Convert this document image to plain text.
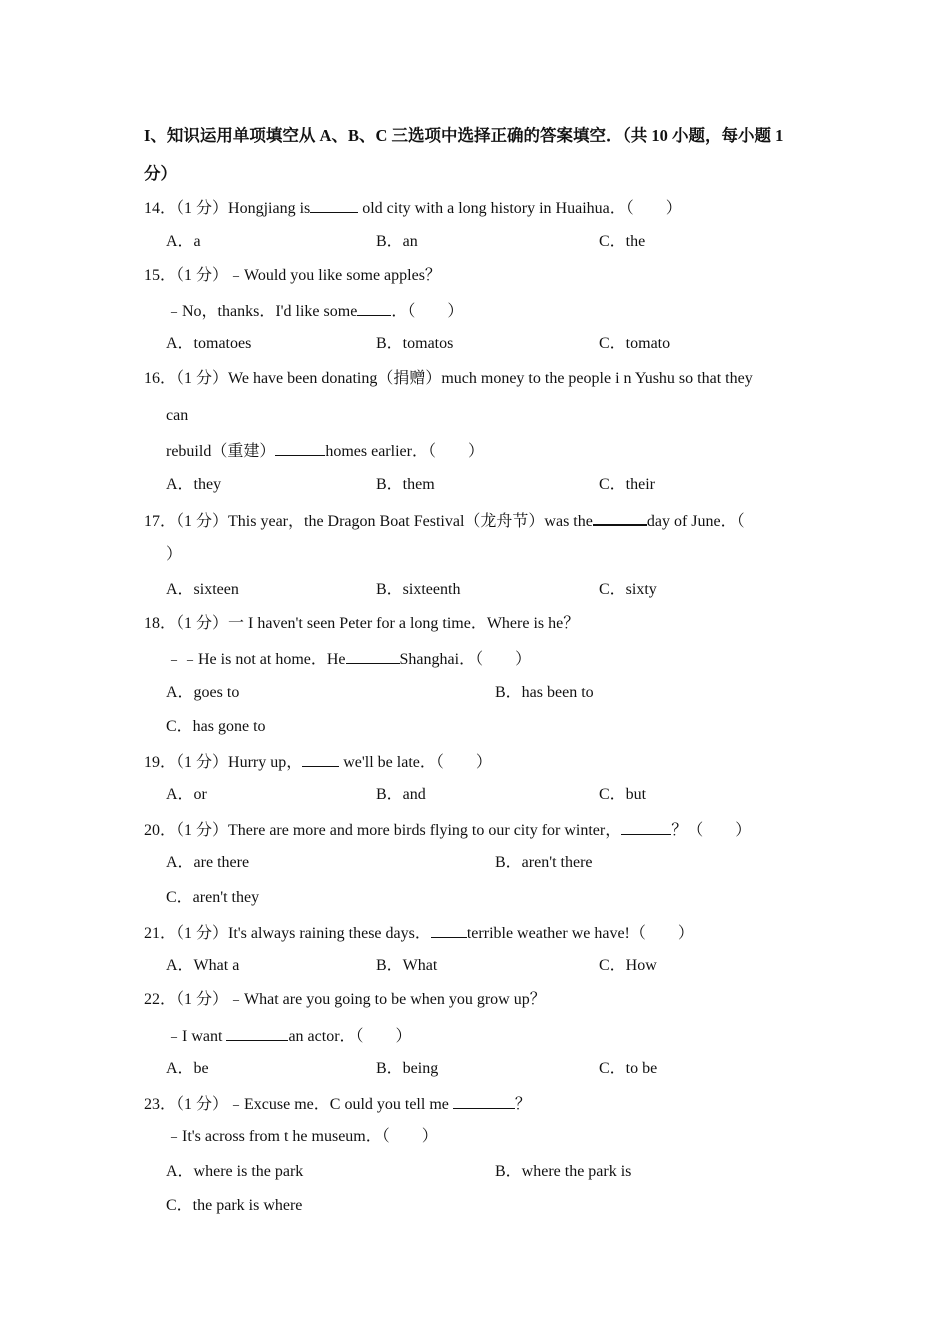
I、知识运用单项填空从 A、B、C 三选项中选择正确的答案填空．（共 10 小题，每小题 1
分）
14．（1 分）Hongjiang is	old city with a long history in Huaihua．（　　）
A．a	B．an	C．the
15．（1 分）﹣Would you like some apples？
﹣No，thanks．I'd like some ．（　　）
A．tomatoes	B．tomatos	C．tomato
16．（1 分）We have been donating（捐赠）much money to the people i n Yushu so that they
can
rebuild（重建）	homes earlier．（　　）
A．they	B．them	C．their
17．（1 分）This year，the Dragon Boat Festival（龙舟节）was the	day of June．（
）
A．sixteen	B．sixteenth	C．sixty
18．（1 分）一 I haven't seen Peter for a long time．Where is he？
﹣﹣He is not at home．He	Shanghai．（　　）
A．goes to	B．has been to
C．has gone to
19．（1 分）Hurry up， we'll be late．（　　）
A．or	B．and	C．but
20．（1 分）There are more and more birds flying to our city for winter，	？（　　）
A．are there	B．aren't there
C．aren't they
21．（1 分）It's always raining these days． terrible weather we have!（　　）
A．What a	B．What	C．How
22．（1 分）﹣What are you going to be when you grow up？
﹣I want	an actor．（　　）
A．be	B．being	C．to be
23．（1 分）﹣Excuse me．C ould you tell me	？
﹣It's across from t he museum．（　　）
A．where is the park	B．where the park is
C．the park is where
